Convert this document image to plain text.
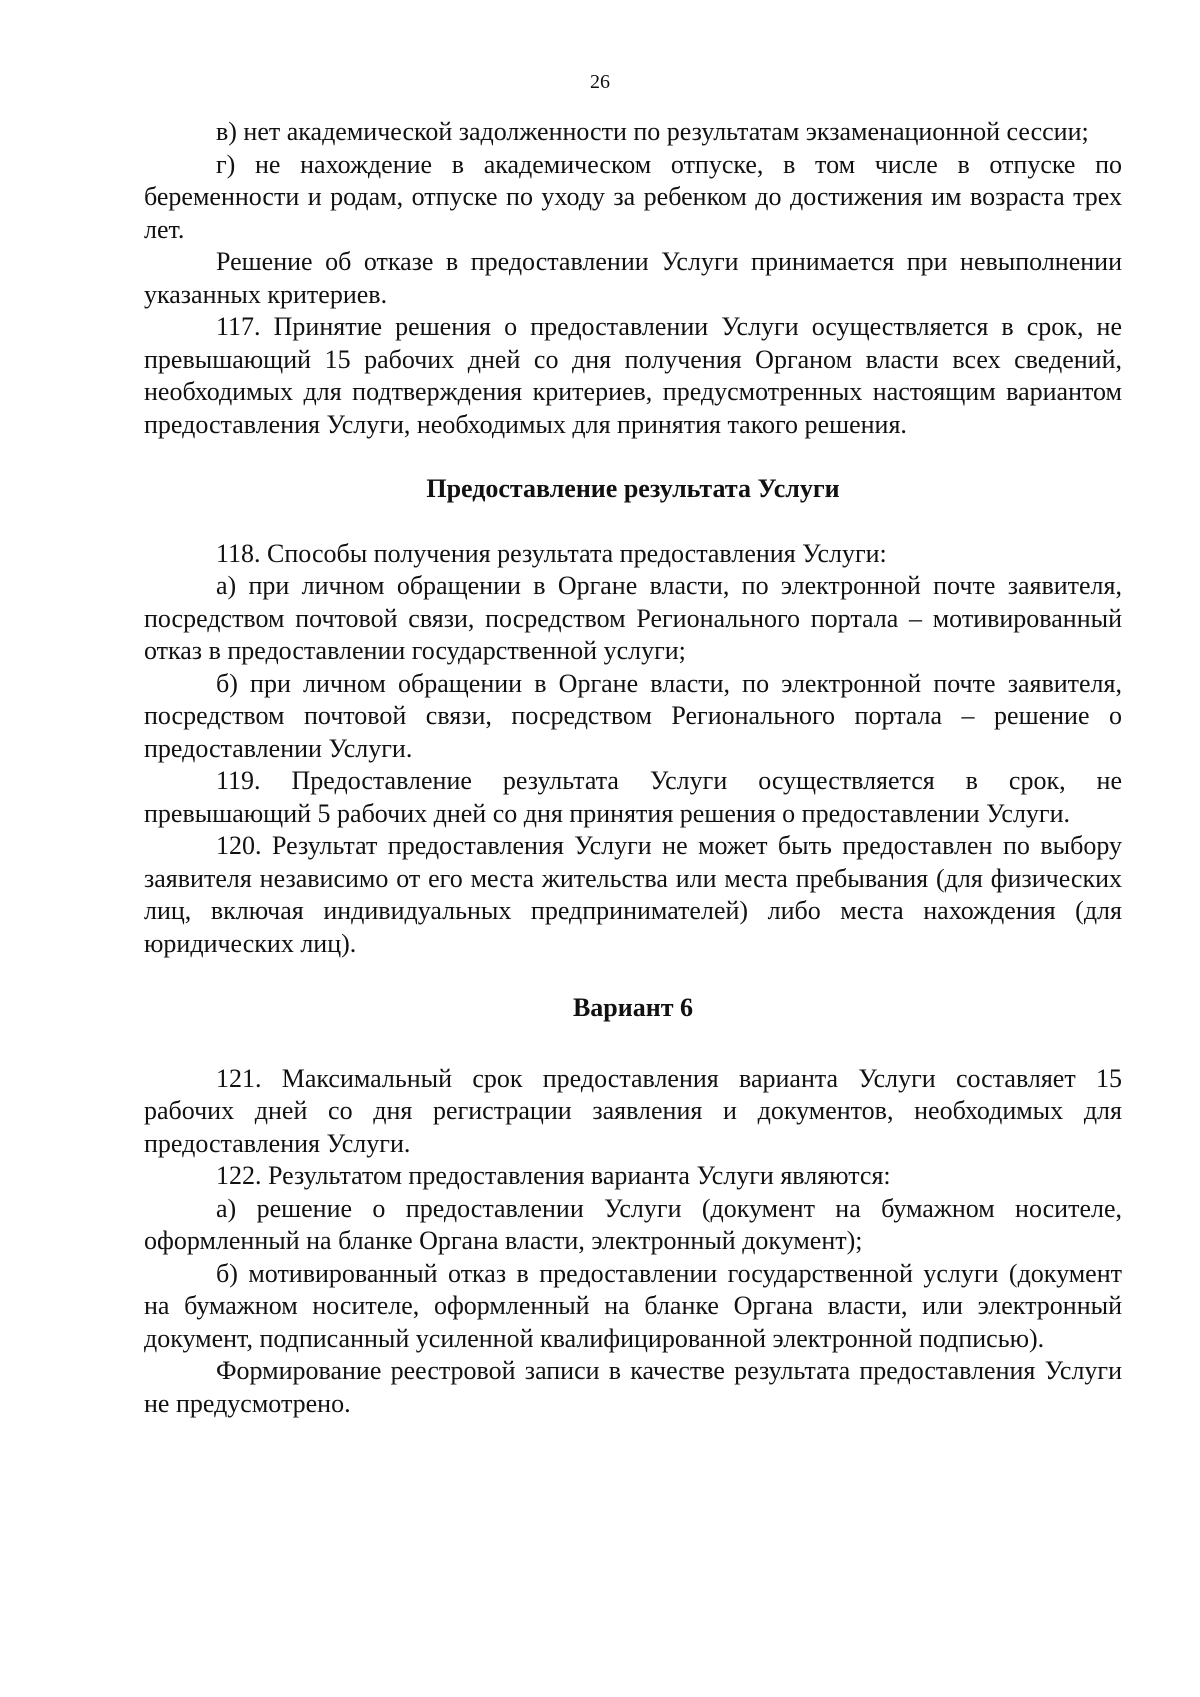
26

в) нет академической задолженности по результатам экзаменационной сессии;

г) не нахождение в академическом отпуске, в том числе в отпуске по беременности и родам, отпуске по уходу за ребенком до достижения им возраста трех лет.

Решение об отказе в предоставлении Услуги принимается при невыполнении указанных критериев.

117. Принятие решения о предоставлении Услуги осуществляется в срок, не превышающий 15 рабочих дней со дня получения Органом власти всех сведений, необходимых для подтверждения критериев, предусмотренных настоящим вариантом предоставления Услуги, необходимых для принятия такого решения.

Предоставление результата Услуги

118. Способы получения результата предоставления Услуги:

а) при личном обращении в Органе власти, по электронной почте заявителя, посредством почтовой связи, посредством Регионального портала – мотивированный отказ в предоставлении государственной услуги;

б) при личном обращении в Органе власти, по электронной почте заявителя, посредством почтовой связи, посредством Регионального портала – решение о предоставлении Услуги.

119. Предоставление результата Услуги осуществляется в срок, не превышающий 5 рабочих дней со дня принятия решения о предоставлении Услуги.

120. Результат предоставления Услуги не может быть предоставлен по выбору заявителя независимо от его места жительства или места пребывания (для физических лиц, включая индивидуальных предпринимателей) либо места нахождения (для юридических лиц).

Вариант 6

121. Максимальный срок предоставления варианта Услуги составляет 15 рабочих дней со дня регистрации заявления и документов, необходимых для предоставления Услуги.

122. Результатом предоставления варианта Услуги являются:

а) решение о предоставлении Услуги (документ на бумажном носителе, оформленный на бланке Органа власти, электронный документ);

б) мотивированный отказ в предоставлении государственной услуги (документ на бумажном носителе, оформленный на бланке Органа власти, или электронный документ, подписанный усиленной квалифицированной электронной подписью).

Формирование реестровой записи в качестве результата предоставления Услуги не предусмотрено.
